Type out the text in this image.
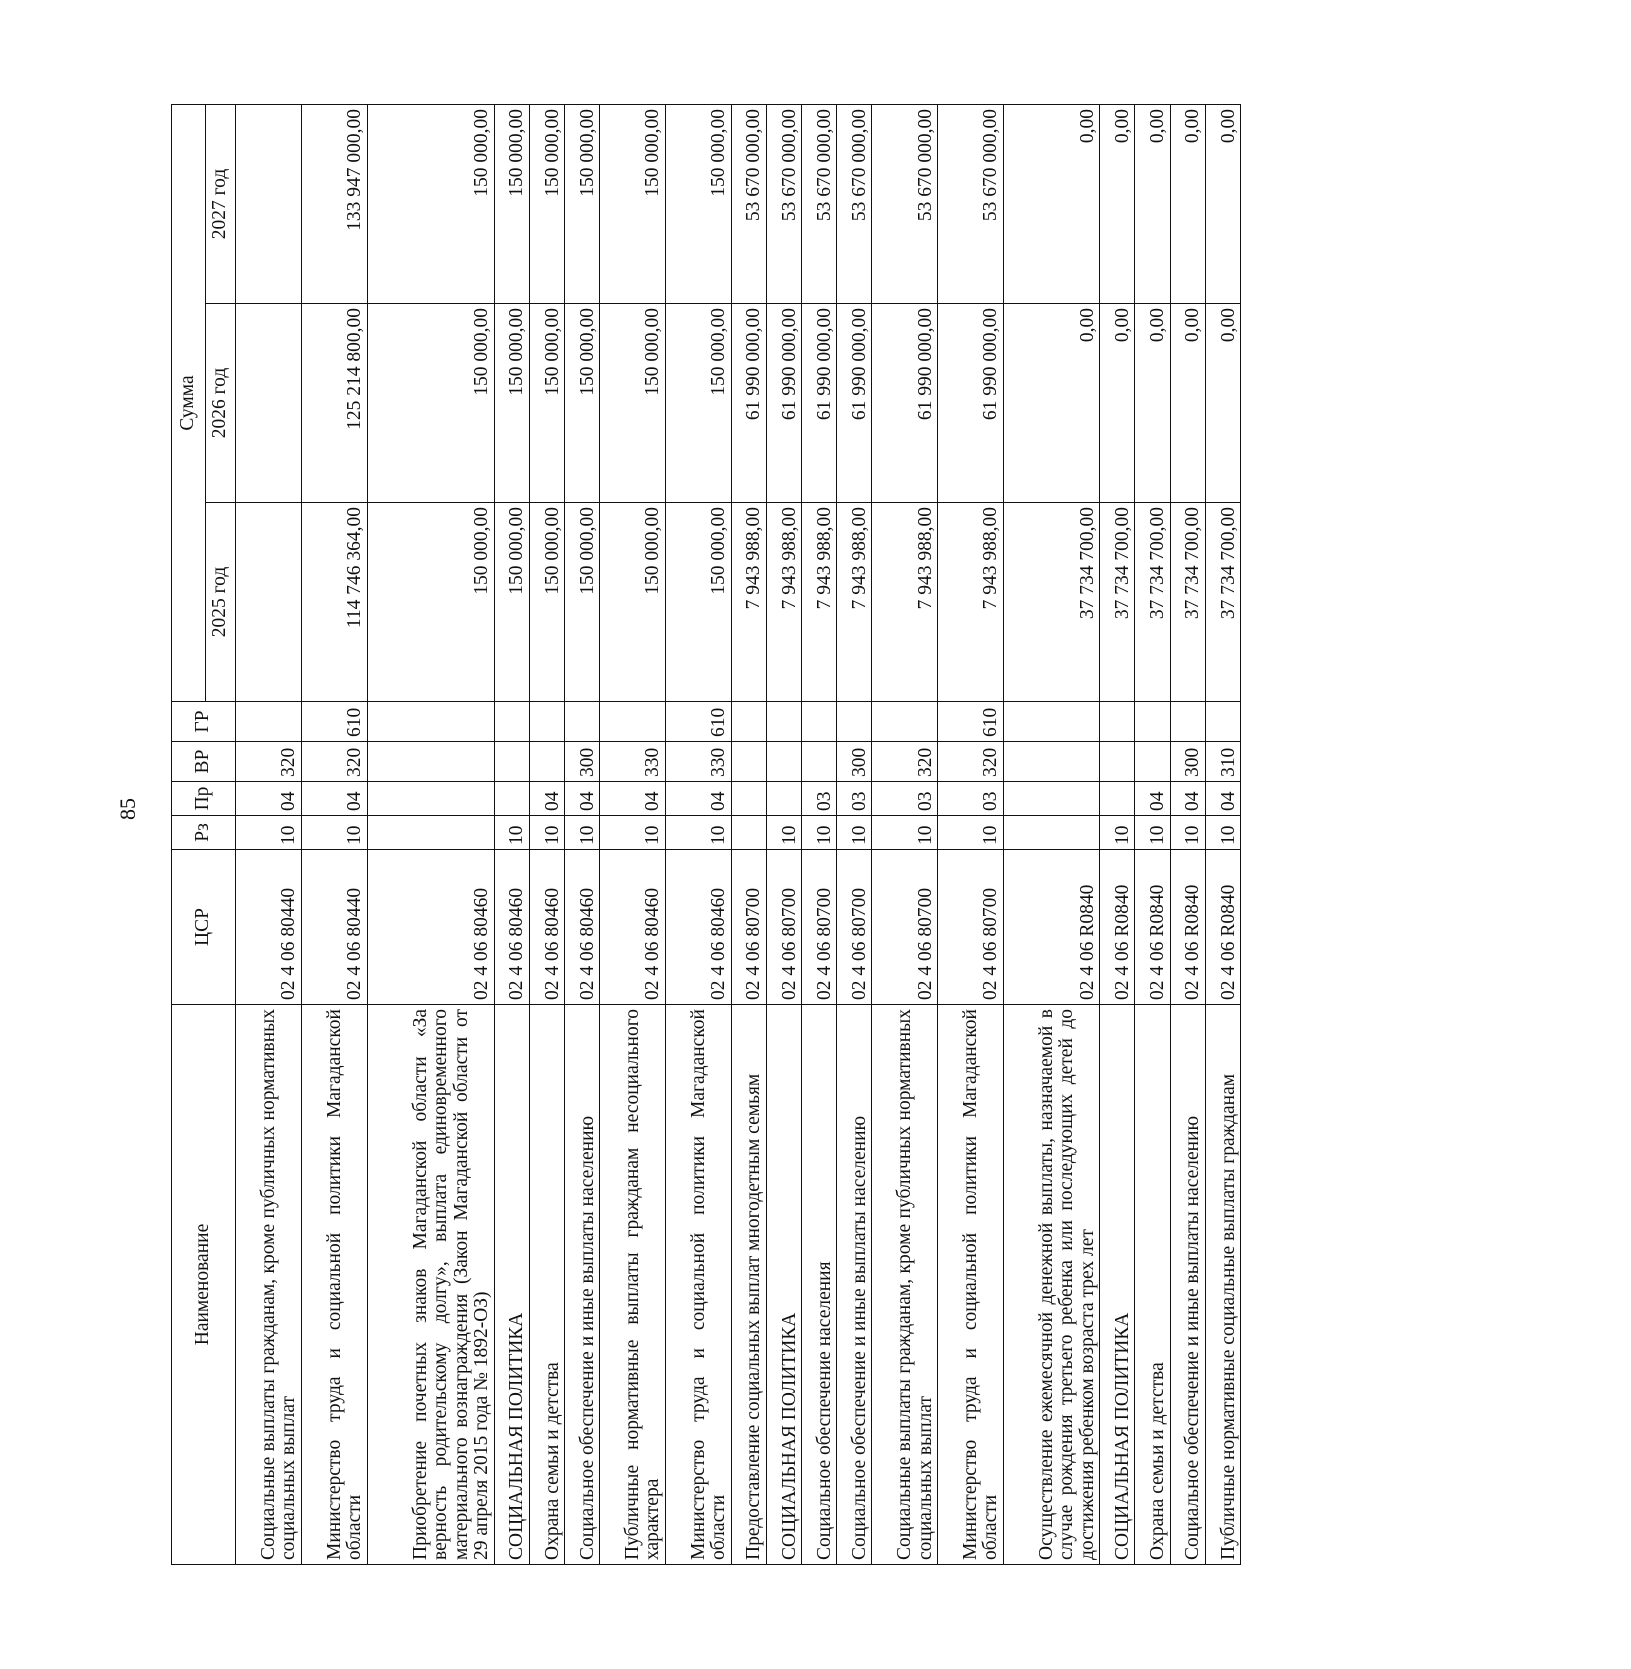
85
Наименование	ЦСР	Рз	Пр	ВР	ГР	Сумма		
						2025 год	2026 год	2027 год
Социальные выплаты гражданам, кроме публичных нормативных социальных выплат	02 4 06 80440	10	04	320				
Министерство труда и социальной политики Магаданской области	02 4 06 80440	10	04	320	610	114 746 364,00	125 214 800,00	133 947 000,00
Приобретение почетных знаков Магаданской области «За верность родительскому долгу», выплата единовременного материального вознаграждения (Закон Магаданской области от 29 апреля 2015 года № 1892-ОЗ)	02 4 06 80460					150 000,00	150 000,00	150 000,00
СОЦИАЛЬНАЯ ПОЛИТИКА	02 4 06 80460	10				150 000,00	150 000,00	150 000,00
Охрана семьи и детства	02 4 06 80460	10	04			150 000,00	150 000,00	150 000,00
Социальное обеспечение и иные выплаты населению	02 4 06 80460	10	04	300		150 000,00	150 000,00	150 000,00
Публичные нормативные выплаты гражданам несоциального характера	02 4 06 80460	10	04	330		150 000,00	150 000,00	150 000,00
Министерство труда и социальной политики Магаданской области	02 4 06 80460	10	04	330	610	150 000,00	150 000,00	150 000,00
Предоставление социальных выплат многодетным семьям	02 4 06 80700					7 943 988,00	61 990 000,00	53 670 000,00
СОЦИАЛЬНАЯ ПОЛИТИКА	02 4 06 80700	10				7 943 988,00	61 990 000,00	53 670 000,00
Социальное обеспечение населения	02 4 06 80700	10	03			7 943 988,00	61 990 000,00	53 670 000,00
Социальное обеспечение и иные выплаты населению	02 4 06 80700	10	03	300		7 943 988,00	61 990 000,00	53 670 000,00
Социальные выплаты гражданам, кроме публичных нормативных социальных выплат	02 4 06 80700	10	03	320		7 943 988,00	61 990 000,00	53 670 000,00
Министерство труда и социальной политики Магаданской области	02 4 06 80700	10	03	320	610	7 943 988,00	61 990 000,00	53 670 000,00
Осуществление ежемесячной денежной выплаты, назначаемой в случае рождения третьего ребенка или последующих детей до достижения ребенком возраста трех лет	02 4 06 R0840					37 734 700,00	0,00	0,00
СОЦИАЛЬНАЯ ПОЛИТИКА	02 4 06 R0840	10				37 734 700,00	0,00	0,00
Охрана семьи и детства	02 4 06 R0840	10	04			37 734 700,00	0,00	0,00
Социальное обеспечение и иные выплаты населению	02 4 06 R0840	10	04	300		37 734 700,00	0,00	0,00
Публичные нормативные социальные выплаты гражданам	02 4 06 R0840	10	04	310		37 734 700,00	0,00	0,00
